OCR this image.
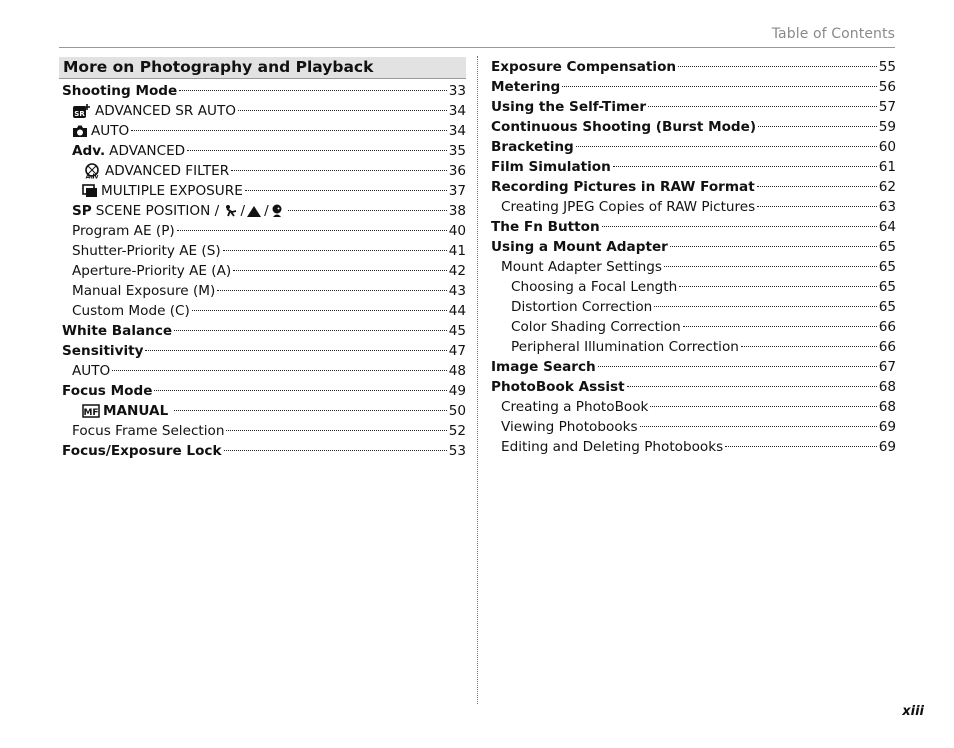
Table of Contents
More on Photography and Playback
Shooting Mode	33
SR ADVANCED SR AUTO	34
AUTO	34
Adv. ADVANCED	35
Adv ADVANCED FILTER	36
MULTIPLE EXPOSURE	37
SP SCENE POSITION / / /	38
Program AE (P)	40
Shutter-Priority AE (S)	41
Aperture-Priority AE (A)	42
Manual Exposure (M)	43
Custom Mode (C)	44
White Balance	45
Sensitivity	47
AUTO	48
Focus Mode	49
MF MANUAL	50
Focus Frame Selection	52
Focus/Exposure Lock	53
Exposure Compensation	55
Metering	56
Using the Self-Timer	57
Continuous Shooting (Burst Mode)	59
Bracketing	60
Film Simulation	61
Recording Pictures in RAW Format	62
Creating JPEG Copies of RAW Pictures	63
The Fn Button	64
Using a Mount Adapter	65
Mount Adapter Settings	65
Choosing a Focal Length	65
Distortion Correction	65
Color Shading Correction	66
Peripheral Illumination Correction	66
Image Search	67
PhotoBook Assist	68
Creating a PhotoBook	68
Viewing Photobooks	69
Editing and Deleting Photobooks	69
xiii
